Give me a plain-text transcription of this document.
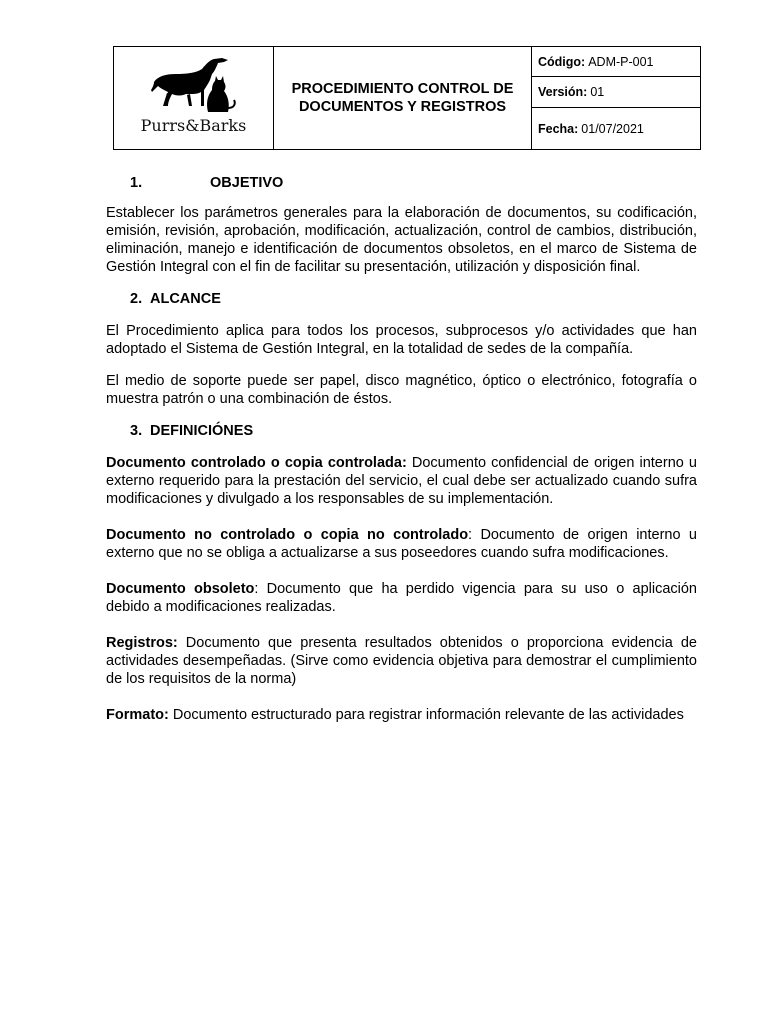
Purrs&Barks
PROCEDIMIENTO CONTROL DE DOCUMENTOS Y REGISTROS
Código: ADM-P-001
Versión: 01
Fecha: 01/07/2021
1.	OBJETIVO
Establecer los parámetros generales para la elaboración de documentos, su codificación, emisión, revisión, aprobación, modificación, actualización, control de cambios, distribución, eliminación, manejo e identificación de documentos obsoletos, en el marco de Sistema de Gestión Integral con el fin de facilitar su presentación, utilización y disposición final.
2. ALCANCE
El Procedimiento aplica para todos los procesos, subprocesos y/o actividades que han adoptado el Sistema de Gestión Integral, en la totalidad de sedes de la compañía.
El medio de soporte puede ser papel, disco magnético, óptico o electrónico, fotografía o muestra patrón o una combinación de éstos.
3. DEFINICIÓNES
Documento controlado o copia controlada: Documento confidencial de origen interno u externo requerido para la prestación del servicio, el cual debe ser actualizado cuando sufra modificaciones y divulgado a los responsables de su implementación.
Documento no controlado o copia no controlado: Documento de origen interno u externo que no se obliga a actualizarse a sus poseedores cuando sufra modificaciones.
Documento obsoleto: Documento que ha perdido vigencia para su uso o aplicación debido a modificaciones realizadas.
Registros: Documento que presenta resultados obtenidos o proporciona evidencia de actividades desempeñadas. (Sirve como evidencia objetiva para demostrar el cumplimiento de los requisitos de la norma)
Formato: Documento estructurado para registrar información relevante de las actividades
